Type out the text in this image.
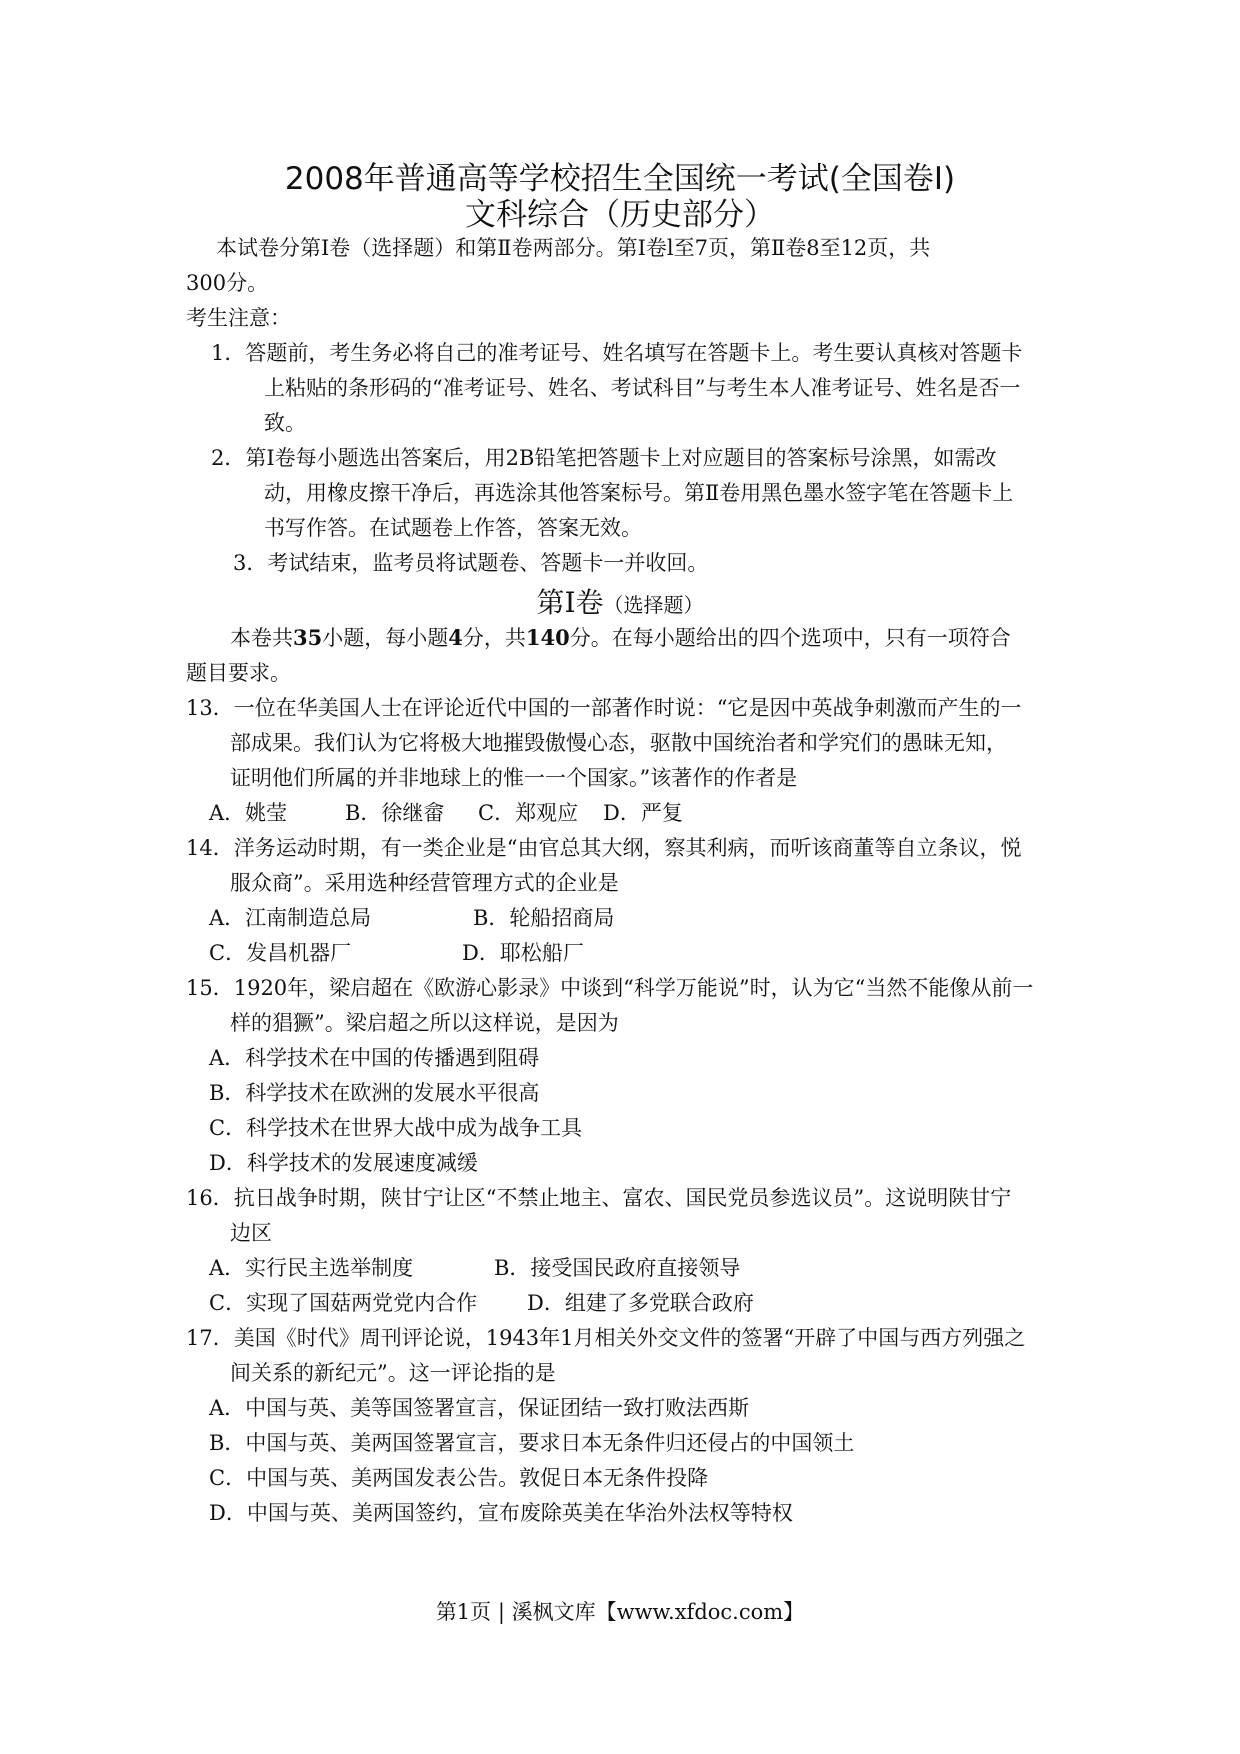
2008年普通高等学校招生全国统一考试(全国卷Ⅰ)
文科综合（历史部分）
本试卷分第Ⅰ卷（选择题）和第Ⅱ卷两部分。第Ⅰ卷l至7页，第Ⅱ卷8至12页，共
300分。
考生注意：
1．答题前，考生务必将自己的准考证号、姓名填写在答题卡上。考生要认真核对答题卡
上粘贴的条形码的“准考证号、姓名、考试科目”与考生本人准考证号、姓名是否一
致。
2．第Ⅰ卷每小题选出答案后，用2B铅笔把答题卡上对应题目的答案标号涂黑，如需改
动，用橡皮擦干净后，再选涂其他答案标号。第Ⅱ卷用黑色墨水签字笔在答题卡上
书写作答。在试题卷上作答，答案无效。
3．考试结束，监考员将试题卷、答题卡一并收回。
第Ⅰ卷（选择题）
本卷共35小题，每小题4分，共140分。在每小题给出的四个选项中，只有一项符合
题目要求。
13．一位在华美国人士在评论近代中国的一部著作时说：“它是因中英战争刺激而产生的一
部成果。我们认为它将极大地摧毁傲慢心态，驱散中国统治者和学究们的愚昧无知，
证明他们所属的并非地球上的惟一一个国家。”该著作的作者是
A．姚莹	B．徐继畲 C．郑观应 D．严复
14．洋务运动时期，有一类企业是“由官总其大纲，察其利病，而听该商董等自立条议，悦
服众商”。采用选种经营管理方式的企业是
A．江南制造总局	B．轮船招商局
C．发昌机器厂	D．耶松船厂
15．1920年，梁启超在《欧游心影录》中谈到“科学万能说”时，认为它“当然不能像从前一
样的猖獗”。梁启超之所以这样说，是因为
A．科学技术在中国的传播遇到阻碍
B．科学技术在欧洲的发展水平很高
C．科学技术在世界大战中成为战争工具
D．科学技术的发展速度减缓
16．抗日战争时期，陕甘宁让区“不禁止地主、富农、国民党员参选议员”。这说明陕甘宁
边区
A．实行民主选举制度	B．接受国民政府直接领导
C．实现了国菇两党党内合作 D．组建了多党联合政府
17．美国《时代》周刊评论说，1943年1月相关外交文件的签署“开辟了中国与西方列强之
间关系的新纪元”。这一评论指的是
A．中国与英、美等国签署宣言，保证团结一致打败法西斯
B．中国与英、美两国签署宣言，要求日本无条件归还侵占的中国领土
C．中国与英、美两国发表公告。敦促日本无条件投降
D．中国与英、美两国签约，宣布废除英美在华治外法权等特权
第1页 | 溪枫文库【www.xfdoc.com】
